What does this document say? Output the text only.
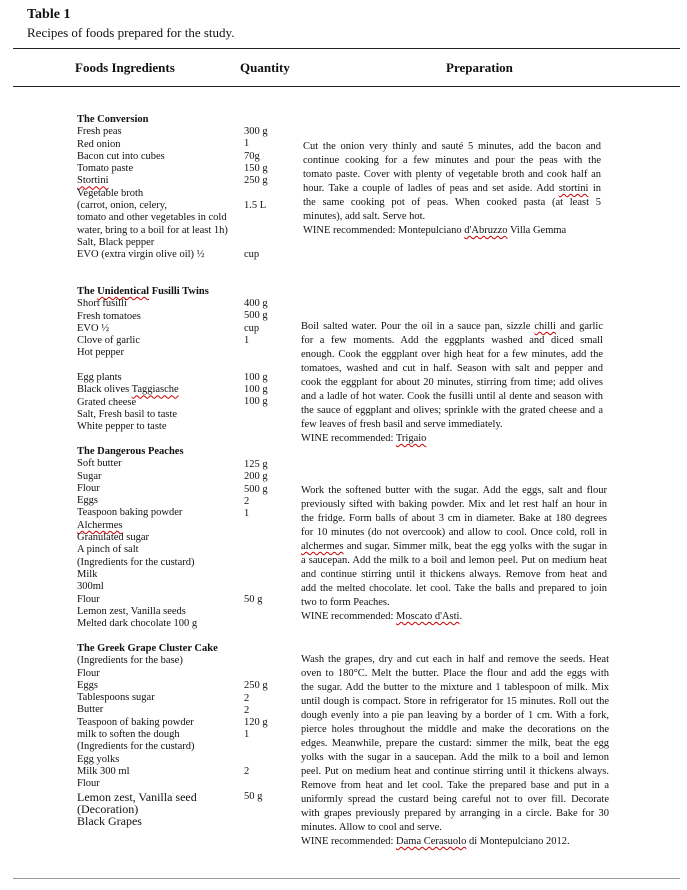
Table 1
Recipes of foods prepared for the study.
Foods Ingredients	Quantity	Preparation
The Conversion
Fresh peas
Red onion
Bacon cut into cubes
Tomato paste
Stortini
Vegetable broth
(carrot, onion, celery,
tomato and other vegetables in cold
water, bring to a boil for at least 1h)
Salt, Black pepper
EVO (extra virgin olive oil) ½
300 g
1
70g
150 g
250 g

1.5 L

cup
Cut the onion very thinly and sauté 5 minutes, add the bacon and
continue cooking for a few minutes and pour the peas with the
tomato paste. Cover with plenty of vegetable broth and cook half an
hour. Take a couple of ladles of peas and set aside. Add stortini in
the same cooking pot of peas. When cooked pasta (at least 5
minutes), add salt. Serve hot.
WINE recommended: Montepulciano d'Abruzzo Villa Gemma
The Unidentical Fusilli Twins
Short fusilli
Fresh tomatoes
EVO ½
Clove of garlic
Hot pepper

Egg plants
Black olives Taggiasche
Grated cheese
Salt, Fresh basil to taste
White pepper to taste
400 g
500 g
cup
1

100 g
100 g
100 g

Boil salted water. Pour the oil in a sauce pan, sizzle chilli and garlic
for a few moments. Add the eggplants washed and diced small
enough. Cook the eggplant over high heat for a few minutes, add the
tomatoes, washed and cut in half. Season with salt and pepper and
cook the eggplant for about 20 minutes, stirring from time; add olives
and a ladle of hot water. Cook the fusilli until al dente and season with
the sauce of eggplant and olives; sprinkle with the grated cheese and a
few leaves of fresh basil and serve immediately.
WINE recommended: Trigaio
The Dangerous Peaches
Soft butter
Sugar
Flour
Eggs
Teaspoon baking powder
Alchermes
Granulated sugar
A pinch of salt
(Ingredients for the custard)
Milk
300ml
Flour
Lemon zest, Vanilla seeds
Melted dark chocolate 100 g
125 g
200 g
500 g
2
1

50 g

Work the softened butter with the sugar. Add the eggs, salt and flour
previously sifted with baking powder. Mix and let rest half an hour in
the fridge. Form balls of about 3 cm in diameter. Bake at 180 degrees
for 10 minutes (do not overcook) and allow to cool. Once cold, roll in
alchermes and sugar. Simmer milk, beat the egg yolks with the sugar in
a saucepan. Add the milk to a boil and lemon peel. Put on medium heat
and continue stirring until it thickens always. Remove from heat and
add the melted chocolate. let cool. Take the balls and prepared to join
two to form Peaches.
WINE recommended: Moscato d'Asti.
The Greek Grape Cluster Cake
(Ingredients for the base)
Flour
Eggs
Tablespoons sugar
Butter
Teaspoon of baking powder
milk to soften the dough
(Ingredients for the custard)
Egg yolks
Milk 300 ml
Flour
Lemon zest, Vanilla seed
(Decoration)
Black Grapes

250 g
2
2
120 g
1

2

50 g

Wash the grapes, dry and cut each in half and remove the seeds. Heat
oven to 180°C. Melt the butter. Place the flour and add the eggs with
the sugar. Add the butter to the mixture and 1 tablespoon of milk. Mix
until dough is compact. Store in refrigerator for 15 minutes. Roll out the
dough evenly into a pie pan leaving by a border of 1 cm. With a fork,
pierce holes throughout the middle and make the decorations on the
edges. Meanwhile, prepare the custard: simmer the milk, beat the egg
yolks with the sugar in a saucepan. Add the milk to a boil and lemon
peel. Put on medium heat and continue stirring until it thickens always.
Remove from heat and let cool. Take the prepared base and put in a
uniformly spread the custard being careful not to over fill. Decorate
with grapes previously prepared by arranging in a circle. Bake for 30
minutes. Allow to cool and serve.
WINE recommended: Dama Cerasuolo di Montepulciano 2012.
